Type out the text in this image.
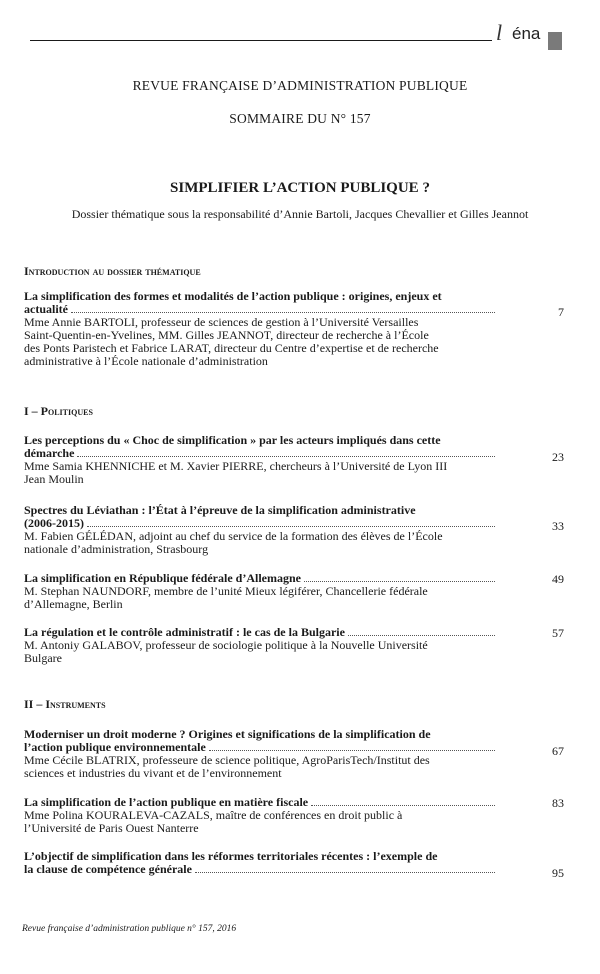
l éna
REVUE FRANÇAISE D’ADMINISTRATION PUBLIQUE
SOMMAIRE DU N° 157
SIMPLIFIER L’ACTION PUBLIQUE ?
Dossier thématique sous la responsabilité d’Annie Bartoli, Jacques Chevallier et Gilles Jeannot
Introduction au dossier thématique
La simplification des formes et modalités de l’action publique : origines, enjeux et
actualité
Mme Annie BARTOLI, professeur de sciences de gestion à l’Université Versailles
Saint-Quentin-en-Yvelines, MM. Gilles JEANNOT, directeur de recherche à l’École
des Ponts Paristech et Fabrice LARAT, directeur du Centre d’expertise et de recherche
administrative à l’École nationale d’administration
7
I – Politiques
Les perceptions du « Choc de simplification » par les acteurs impliqués dans cette
démarche
Mme Samia KHENNICHE et M. Xavier PIERRE, chercheurs à l’Université de Lyon III
Jean Moulin
23
Spectres du Léviathan : l’État à l’épreuve de la simplification administrative
(2006-2015)
M. Fabien GÉLÉDAN, adjoint au chef du service de la formation des élèves de l’École
nationale d’administration, Strasbourg
33
La simplification en République fédérale d’Allemagne
M. Stephan NAUNDORF, membre de l’unité Mieux légiférer, Chancellerie fédérale
d’Allemagne, Berlin
49
La régulation et le contrôle administratif : le cas de la Bulgarie
M. Antoniy GALABOV, professeur de sociologie politique à la Nouvelle Université
Bulgare
57
II – Instruments
Moderniser un droit moderne ? Origines et significations de la simplification de
l’action publique environnementale
Mme Cécile BLATRIX, professeure de science politique, AgroParisTech/Institut des
sciences et industries du vivant et de l’environnement
67
La simplification de l’action publique en matière fiscale
Mme Polina KOURALEVA-CAZALS, maître de conférences en droit public à
l’Université de Paris Ouest Nanterre
83
L’objectif de simplification dans les réformes territoriales récentes : l’exemple de
la clause de compétence générale	95
Revue française d’administration publique n° 157, 2016
